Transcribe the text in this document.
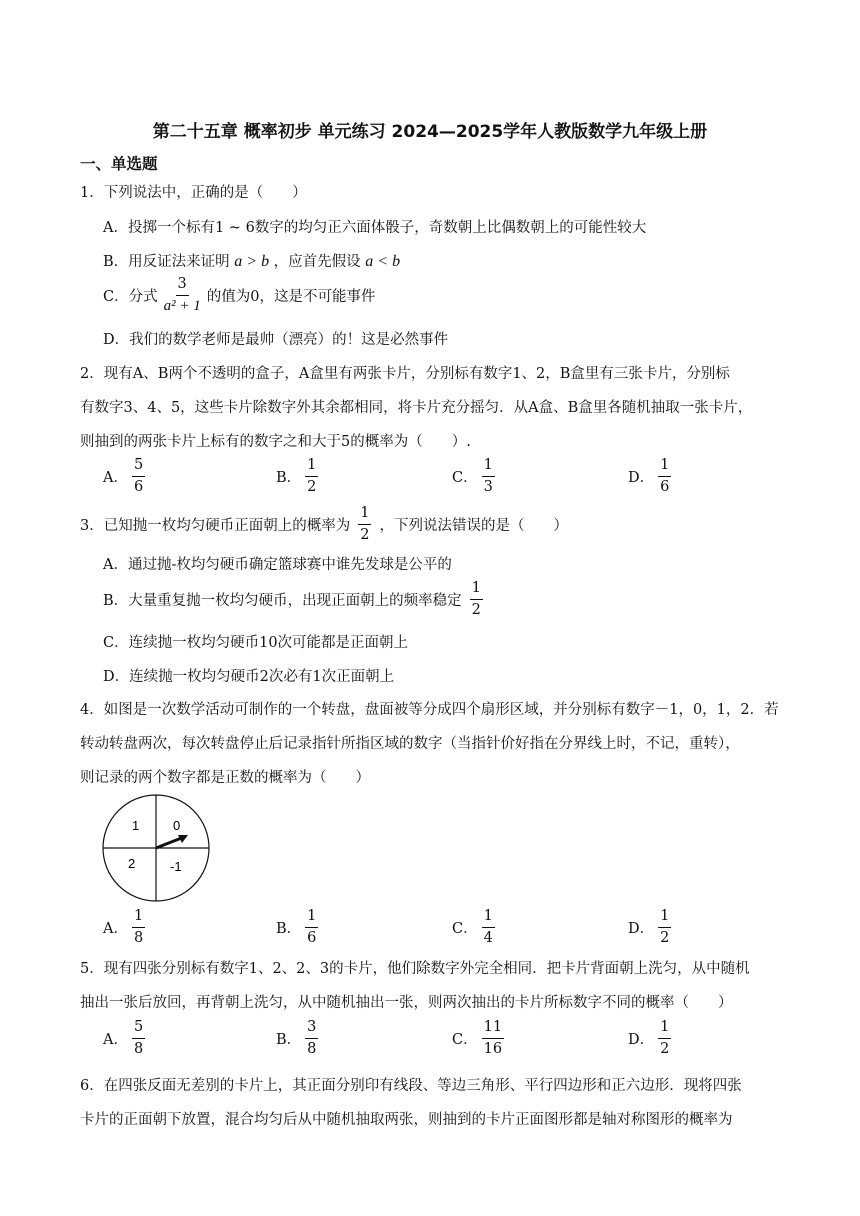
第二十五章 概率初步 单元练习 2024—2025学年人教版数学九年级上册
一、单选题
1．下列说法中，正确的是（　　）
A．投掷一个标有1 ~ 6数字的均匀正六面体骰子，奇数朝上比偶数朝上的可能性较大
B．用反证法来证明 a > b ，应首先假设 a < b
C．分式 $\frac{3}{\text{a² + 1}}$ 的值为0，这是不可能事件
D．我们的数学老师是最帅（漂亮）的！这是必然事件
2．现有A、B两个不透明的盒子，A盒里有两张卡片，分别标有数字1、2，B盒里有三张卡片，分别标
有数字3、4、5，这些卡片除数字外其余都相同，将卡片充分摇匀．从A盒、B盒里各随机抽取一张卡片，
则抽到的两张卡片上标有的数字之和大于5的概率为（　　）.
A． $\frac{5}{6}$	B． $\frac{1}{2}$	C． $\frac{1}{3}$	D． $\frac{1}{6}$
3．已知抛一枚均匀硬币正面朝上的概率为 $\frac{1}{2}$ ，下列说法错误的是（　　）
A．通过抛-枚均匀硬币确定篮球赛中谁先发球是公平的
B．大量重复抛一枚均匀硬币，出现正面朝上的频率稳定 $\frac{1}{2}$
C．连续抛一枚均匀硬币10次可能都是正面朝上
D．连续抛一枚均匀硬币2次必有1次正面朝上
4．如图是一次数学活动可制作的一个转盘，盘面被等分成四个扇形区域，并分别标有数字－1，0，1，2．若
转动转盘两次，每次转盘停止后记录指针所指区域的数字（当指针价好指在分界线上时，不记，重转），
则记录的两个数字都是正数的概率为（　　）
1	0
2	-1
A． $\frac{1}{8}$	B． $\frac{1}{6}$	C． $\frac{1}{4}$	D． $\frac{1}{2}$
5．现有四张分别标有数字1、2、2、3的卡片，他们除数字外完全相同．把卡片背面朝上洗匀，从中随机
抽出一张后放回，再背朝上洗匀，从中随机抽出一张，则两次抽出的卡片所标数字不同的概率（　　）
A． $\frac{5}{8}$	B． $\frac{3}{8}$	C． $\frac{11}{16}$	D． $\frac{1}{2}$
6．在四张反面无差别的卡片上，其正面分别印有线段、等边三角形、平行四边形和正六边形．现将四张
卡片的正面朝下放置，混合均匀后从中随机抽取两张，则抽到的卡片正面图形都是轴对称图形的概率为
